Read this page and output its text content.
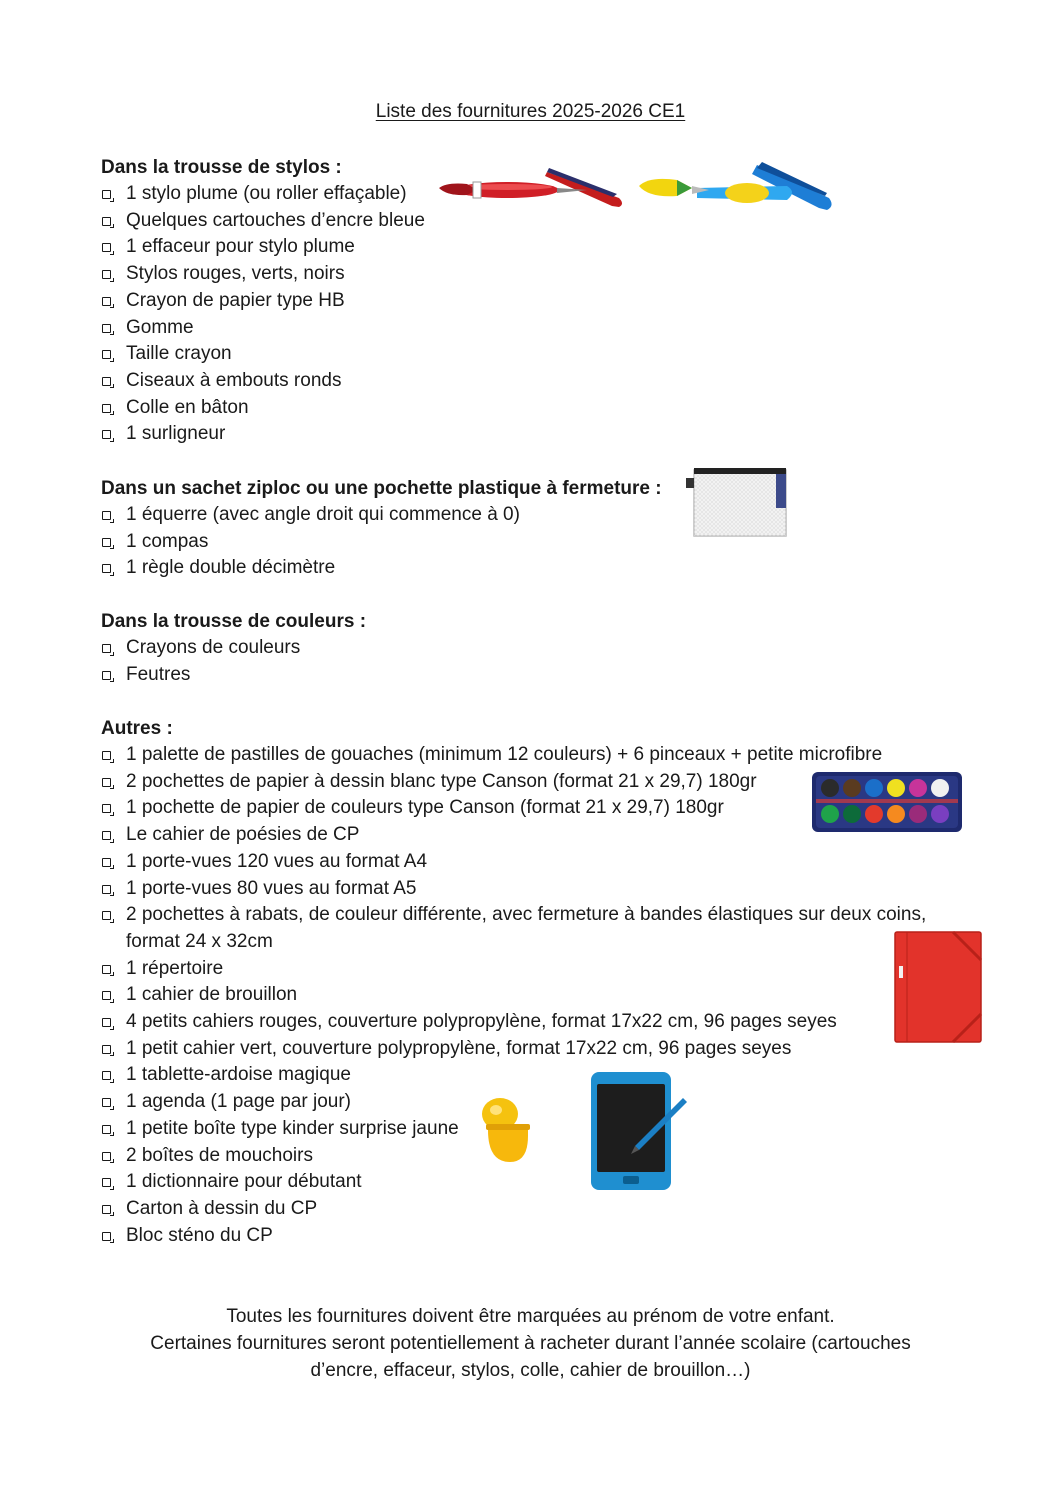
Liste des fournitures 2025-2026 CE1
Dans la trousse de stylos :
1 stylo plume (ou roller effaçable)
Quelques cartouches d’encre bleue
1 effaceur pour stylo plume
Stylos rouges, verts, noirs
Crayon de papier type HB
Gomme
Taille crayon
Ciseaux à embouts ronds
Colle en bâton
1 surligneur
Dans un sachet ziploc ou une pochette plastique à fermeture :
1 équerre (avec angle droit qui commence à 0)
1 compas
1 règle double décimètre
Dans la trousse de couleurs :
Crayons de couleurs
Feutres
Autres :
1 palette de pastilles de gouaches (minimum 12 couleurs) + 6 pinceaux + petite microfibre
2 pochettes de papier à dessin blanc type Canson (format 21 x 29,7) 180gr
1 pochette de papier de couleurs type Canson (format 21 x 29,7) 180gr
Le cahier de poésies de CP
1 porte-vues 120 vues au format A4
1 porte-vues 80 vues au format A5
2 pochettes à rabats, de couleur différente, avec fermeture à bandes élastiques sur deux coins, format 24 x 32cm
1 répertoire
1 cahier de brouillon
4 petits cahiers rouges, couverture polypropylène, format 17x22 cm, 96 pages seyes
1 petit cahier vert, couverture polypropylène, format 17x22 cm, 96 pages seyes
1 tablette-ardoise magique
1 agenda (1 page par jour)
1 petite boîte type kinder surprise jaune
2 boîtes de mouchoirs
1 dictionnaire pour débutant
Carton à dessin du CP
Bloc sténo du CP
Toutes les fournitures doivent être marquées au prénom de votre enfant.
Certaines fournitures seront potentiellement à racheter durant l’année scolaire (cartouches d’encre, effaceur, stylos, colle, cahier de brouillon…)
